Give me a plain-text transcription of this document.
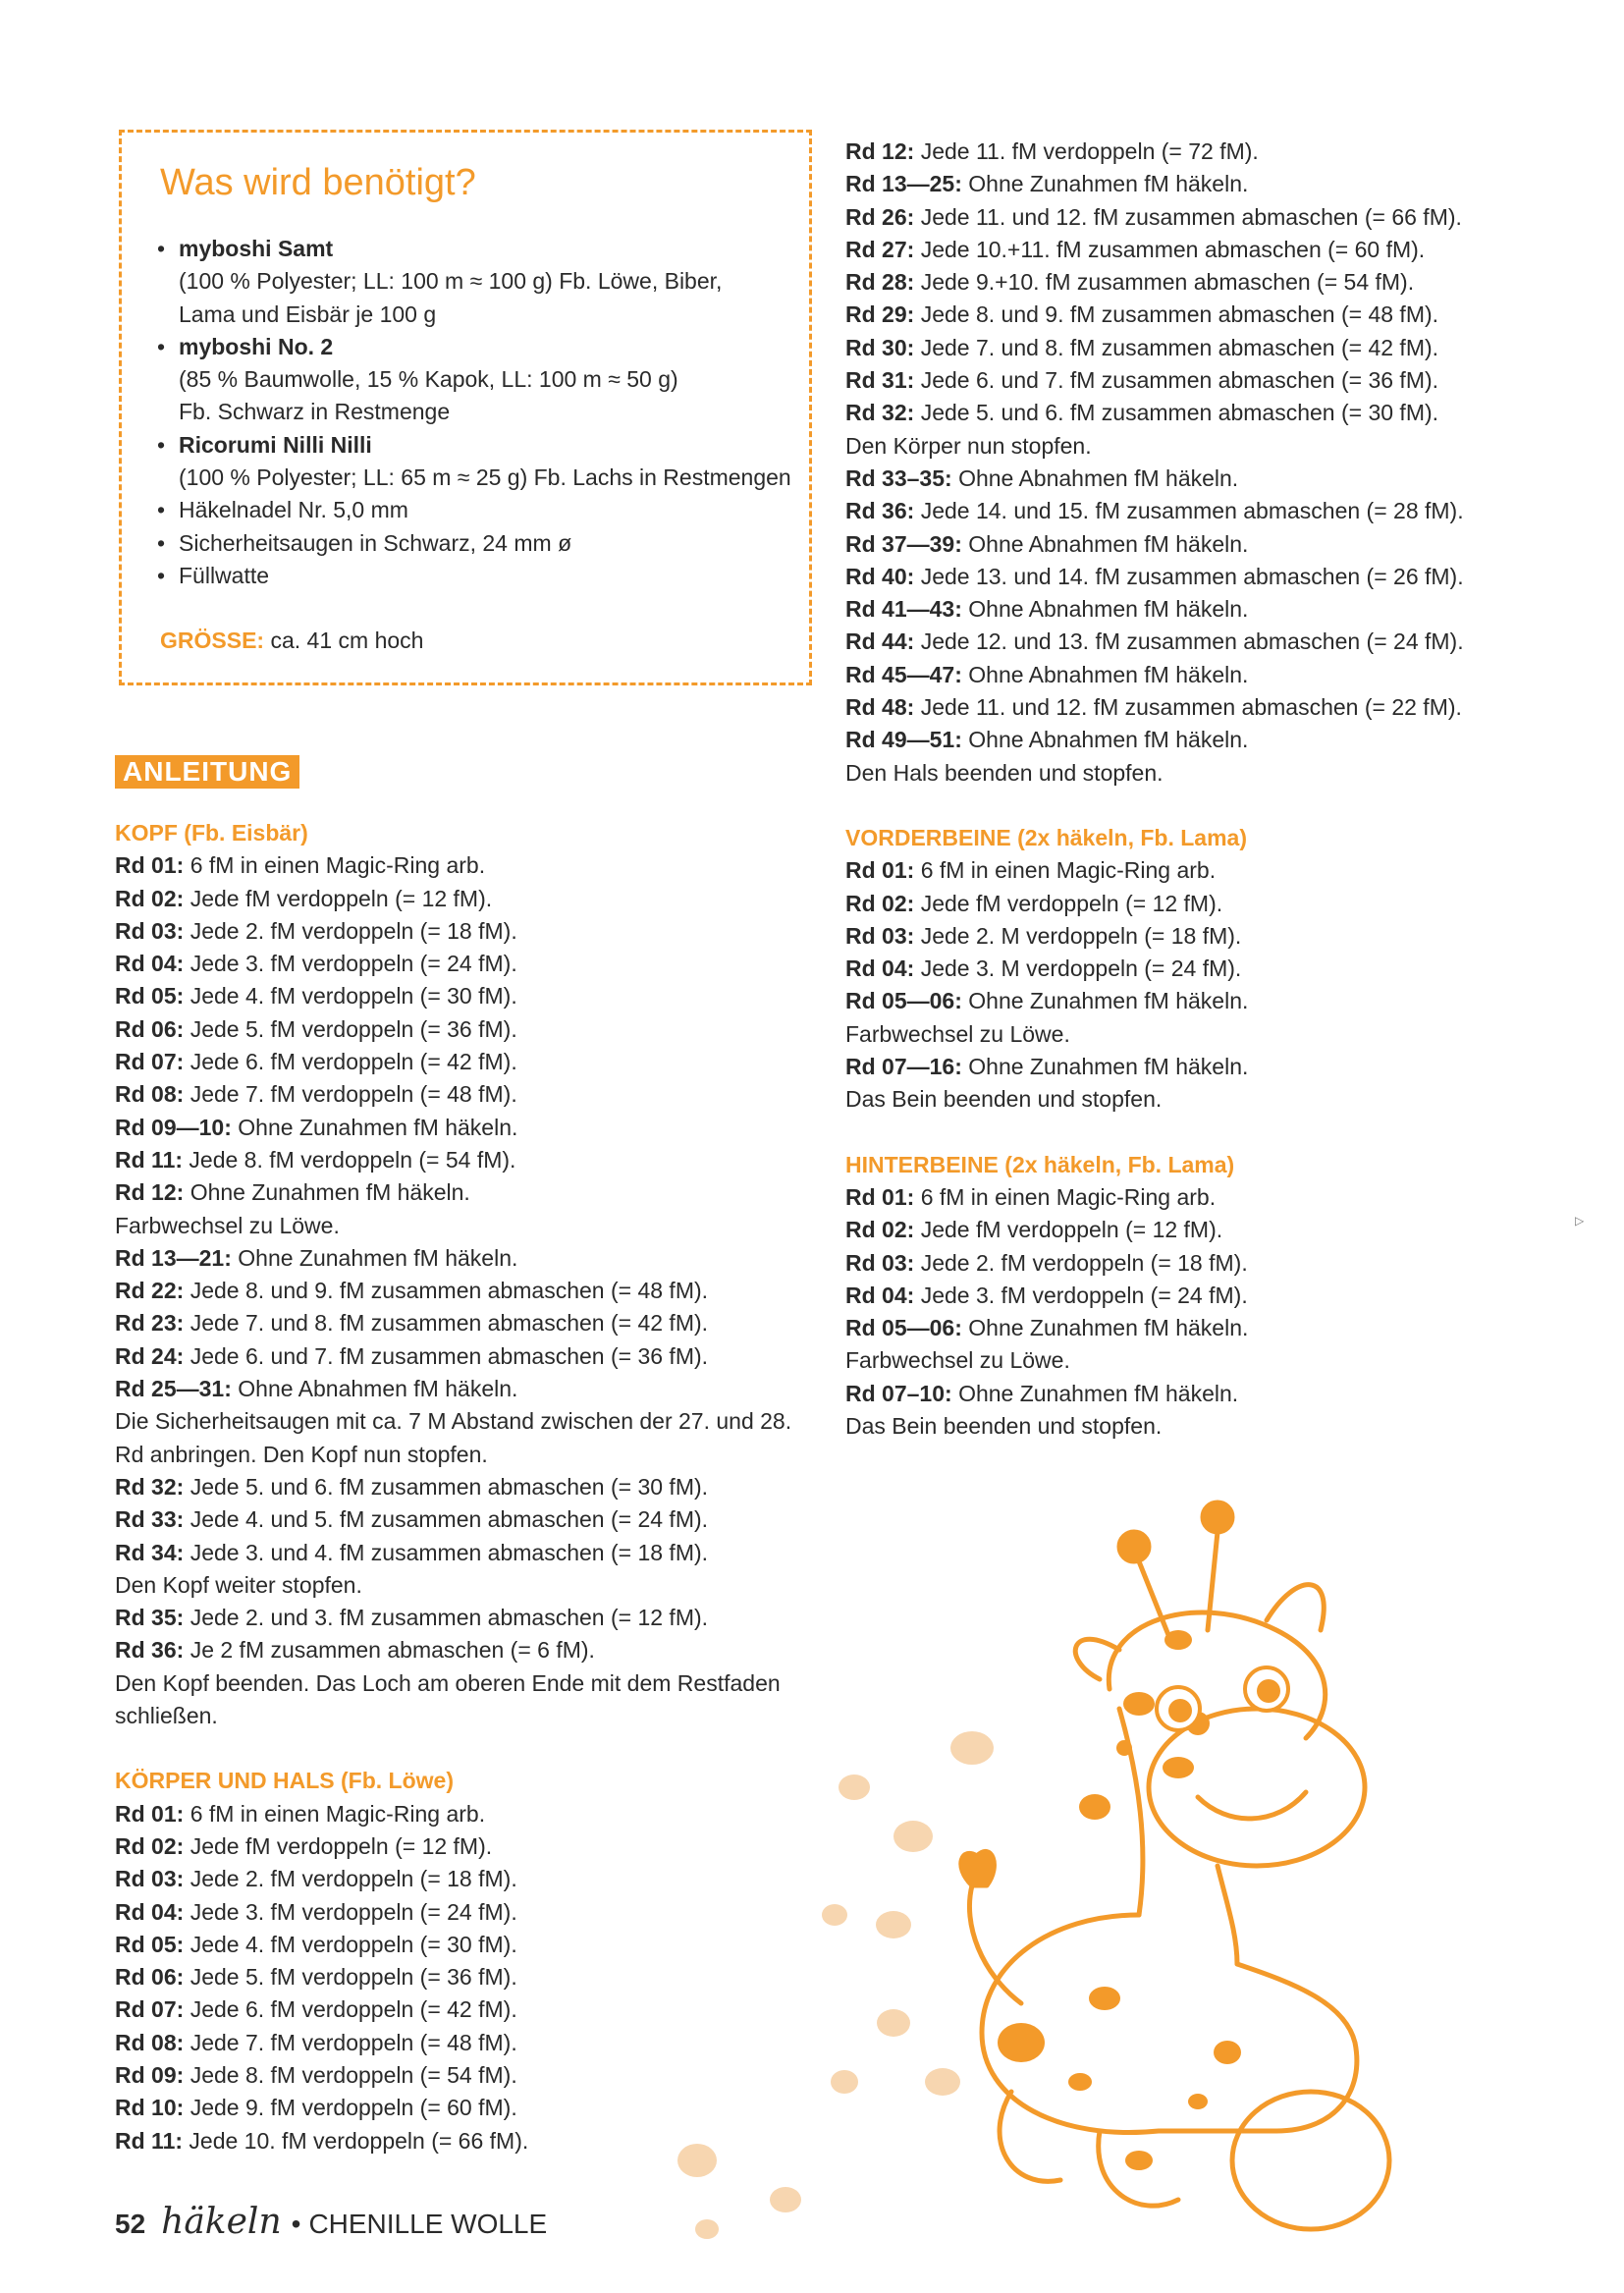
Was wird benötigt?
• myboshi Samt
(100 % Polyester; LL: 100 m ≈ 100 g) Fb. Löwe, Biber,
Lama und Eisbär je 100 g
• myboshi No. 2
(85 % Baumwolle, 15 % Kapok, LL: 100 m ≈ 50 g)
Fb. Schwarz in Restmenge
• Ricorumi Nilli Nilli
(100 % Polyester; LL: 65 m ≈ 25 g) Fb. Lachs in Restmengen
• Häkelnadel Nr. 5,0 mm
• Sicherheitsaugen in Schwarz, 24 mm ø
• Füllwatte
GRÖSSE: ca. 41 cm hoch
ANLEITUNG
KOPF (Fb. Eisbär)
Rd 01: 6 fM in einen Magic-Ring arb.
Rd 02: Jede fM verdoppeln (= 12 fM).
Rd 03: Jede 2. fM verdoppeln (= 18 fM).
Rd 04: Jede 3. fM verdoppeln (= 24 fM).
Rd 05: Jede 4. fM verdoppeln (= 30 fM).
Rd 06: Jede 5. fM verdoppeln (= 36 fM).
Rd 07: Jede 6. fM verdoppeln (= 42 fM).
Rd 08: Jede 7. fM verdoppeln (= 48 fM).
Rd 09—10: Ohne Zunahmen fM häkeln.
Rd 11: Jede 8. fM verdoppeln (= 54 fM).
Rd 12: Ohne Zunahmen fM häkeln.
Farbwechsel zu Löwe.
Rd 13—21: Ohne Zunahmen fM häkeln.
Rd 22: Jede 8. und 9. fM zusammen abmaschen (= 48 fM).
Rd 23: Jede 7. und 8. fM zusammen abmaschen (= 42 fM).
Rd 24: Jede 6. und 7. fM zusammen abmaschen (= 36 fM).
Rd 25—31: Ohne Abnahmen fM häkeln.
Die Sicherheitsaugen mit ca. 7 M Abstand zwischen der 27. und 28.
Rd anbringen. Den Kopf nun stopfen.
Rd 32: Jede 5. und 6. fM zusammen abmaschen (= 30 fM).
Rd 33: Jede 4. und 5. fM zusammen abmaschen (= 24 fM).
Rd 34: Jede 3. und 4. fM zusammen abmaschen (= 18 fM).
Den Kopf weiter stopfen.
Rd 35: Jede 2. und 3. fM zusammen abmaschen (= 12 fM).
Rd 36: Je 2 fM zusammen abmaschen (= 6 fM).
Den Kopf beenden. Das Loch am oberen Ende mit dem Restfaden
schließen.
KÖRPER UND HALS (Fb. Löwe)
Rd 01: 6 fM in einen Magic-Ring arb.
Rd 02: Jede fM verdoppeln (= 12 fM).
Rd 03: Jede 2. fM verdoppeln (= 18 fM).
Rd 04: Jede 3. fM verdoppeln (= 24 fM).
Rd 05: Jede 4. fM verdoppeln (= 30 fM).
Rd 06: Jede 5. fM verdoppeln (= 36 fM).
Rd 07: Jede 6. fM verdoppeln (= 42 fM).
Rd 08: Jede 7. fM verdoppeln (= 48 fM).
Rd 09: Jede 8. fM verdoppeln (= 54 fM).
Rd 10: Jede 9. fM verdoppeln (= 60 fM).
Rd 11: Jede 10. fM verdoppeln (= 66 fM).
Rd 12: Jede 11. fM verdoppeln (= 72 fM).
Rd 13—25: Ohne Zunahmen fM häkeln.
Rd 26: Jede 11. und 12. fM zusammen abmaschen (= 66 fM).
Rd 27: Jede 10.+11. fM zusammen abmaschen (= 60 fM).
Rd 28: Jede 9.+10. fM zusammen abmaschen (= 54 fM).
Rd 29: Jede 8. und 9. fM zusammen abmaschen (= 48 fM).
Rd 30: Jede 7. und 8. fM zusammen abmaschen (= 42 fM).
Rd 31: Jede 6. und 7. fM zusammen abmaschen (= 36 fM).
Rd 32: Jede 5. und 6. fM zusammen abmaschen (= 30 fM).
Den Körper nun stopfen.
Rd 33–35: Ohne Abnahmen fM häkeln.
Rd 36: Jede 14. und 15. fM zusammen abmaschen (= 28 fM).
Rd 37—39: Ohne Abnahmen fM häkeln.
Rd 40: Jede 13. und 14. fM zusammen abmaschen (= 26 fM).
Rd 41—43: Ohne Abnahmen fM häkeln.
Rd 44: Jede 12. und 13. fM zusammen abmaschen (= 24 fM).
Rd 45—47: Ohne Abnahmen fM häkeln.
Rd 48: Jede 11. und 12. fM zusammen abmaschen (= 22 fM).
Rd 49—51: Ohne Abnahmen fM häkeln.
Den Hals beenden und stopfen.
VORDERBEINE (2x häkeln, Fb. Lama)
Rd 01: 6 fM in einen Magic-Ring arb.
Rd 02: Jede fM verdoppeln (= 12 fM).
Rd 03: Jede 2. M verdoppeln (= 18 fM).
Rd 04: Jede 3. M verdoppeln (= 24 fM).
Rd 05—06: Ohne Zunahmen fM häkeln.
Farbwechsel zu Löwe.
Rd 07—16: Ohne Zunahmen fM häkeln.
Das Bein beenden und stopfen.
HINTERBEINE (2x häkeln, Fb. Lama)
Rd 01: 6 fM in einen Magic-Ring arb.
Rd 02: Jede fM verdoppeln (= 12 fM).
Rd 03: Jede 2. fM verdoppeln (= 18 fM).
Rd 04: Jede 3. fM verdoppeln (= 24 fM).
Rd 05—06: Ohne Zunahmen fM häkeln.
Farbwechsel zu Löwe.
Rd 07–10: Ohne Zunahmen fM häkeln.
Das Bein beenden und stopfen.
52 häkeln • CHENILLE WOLLE
▷
